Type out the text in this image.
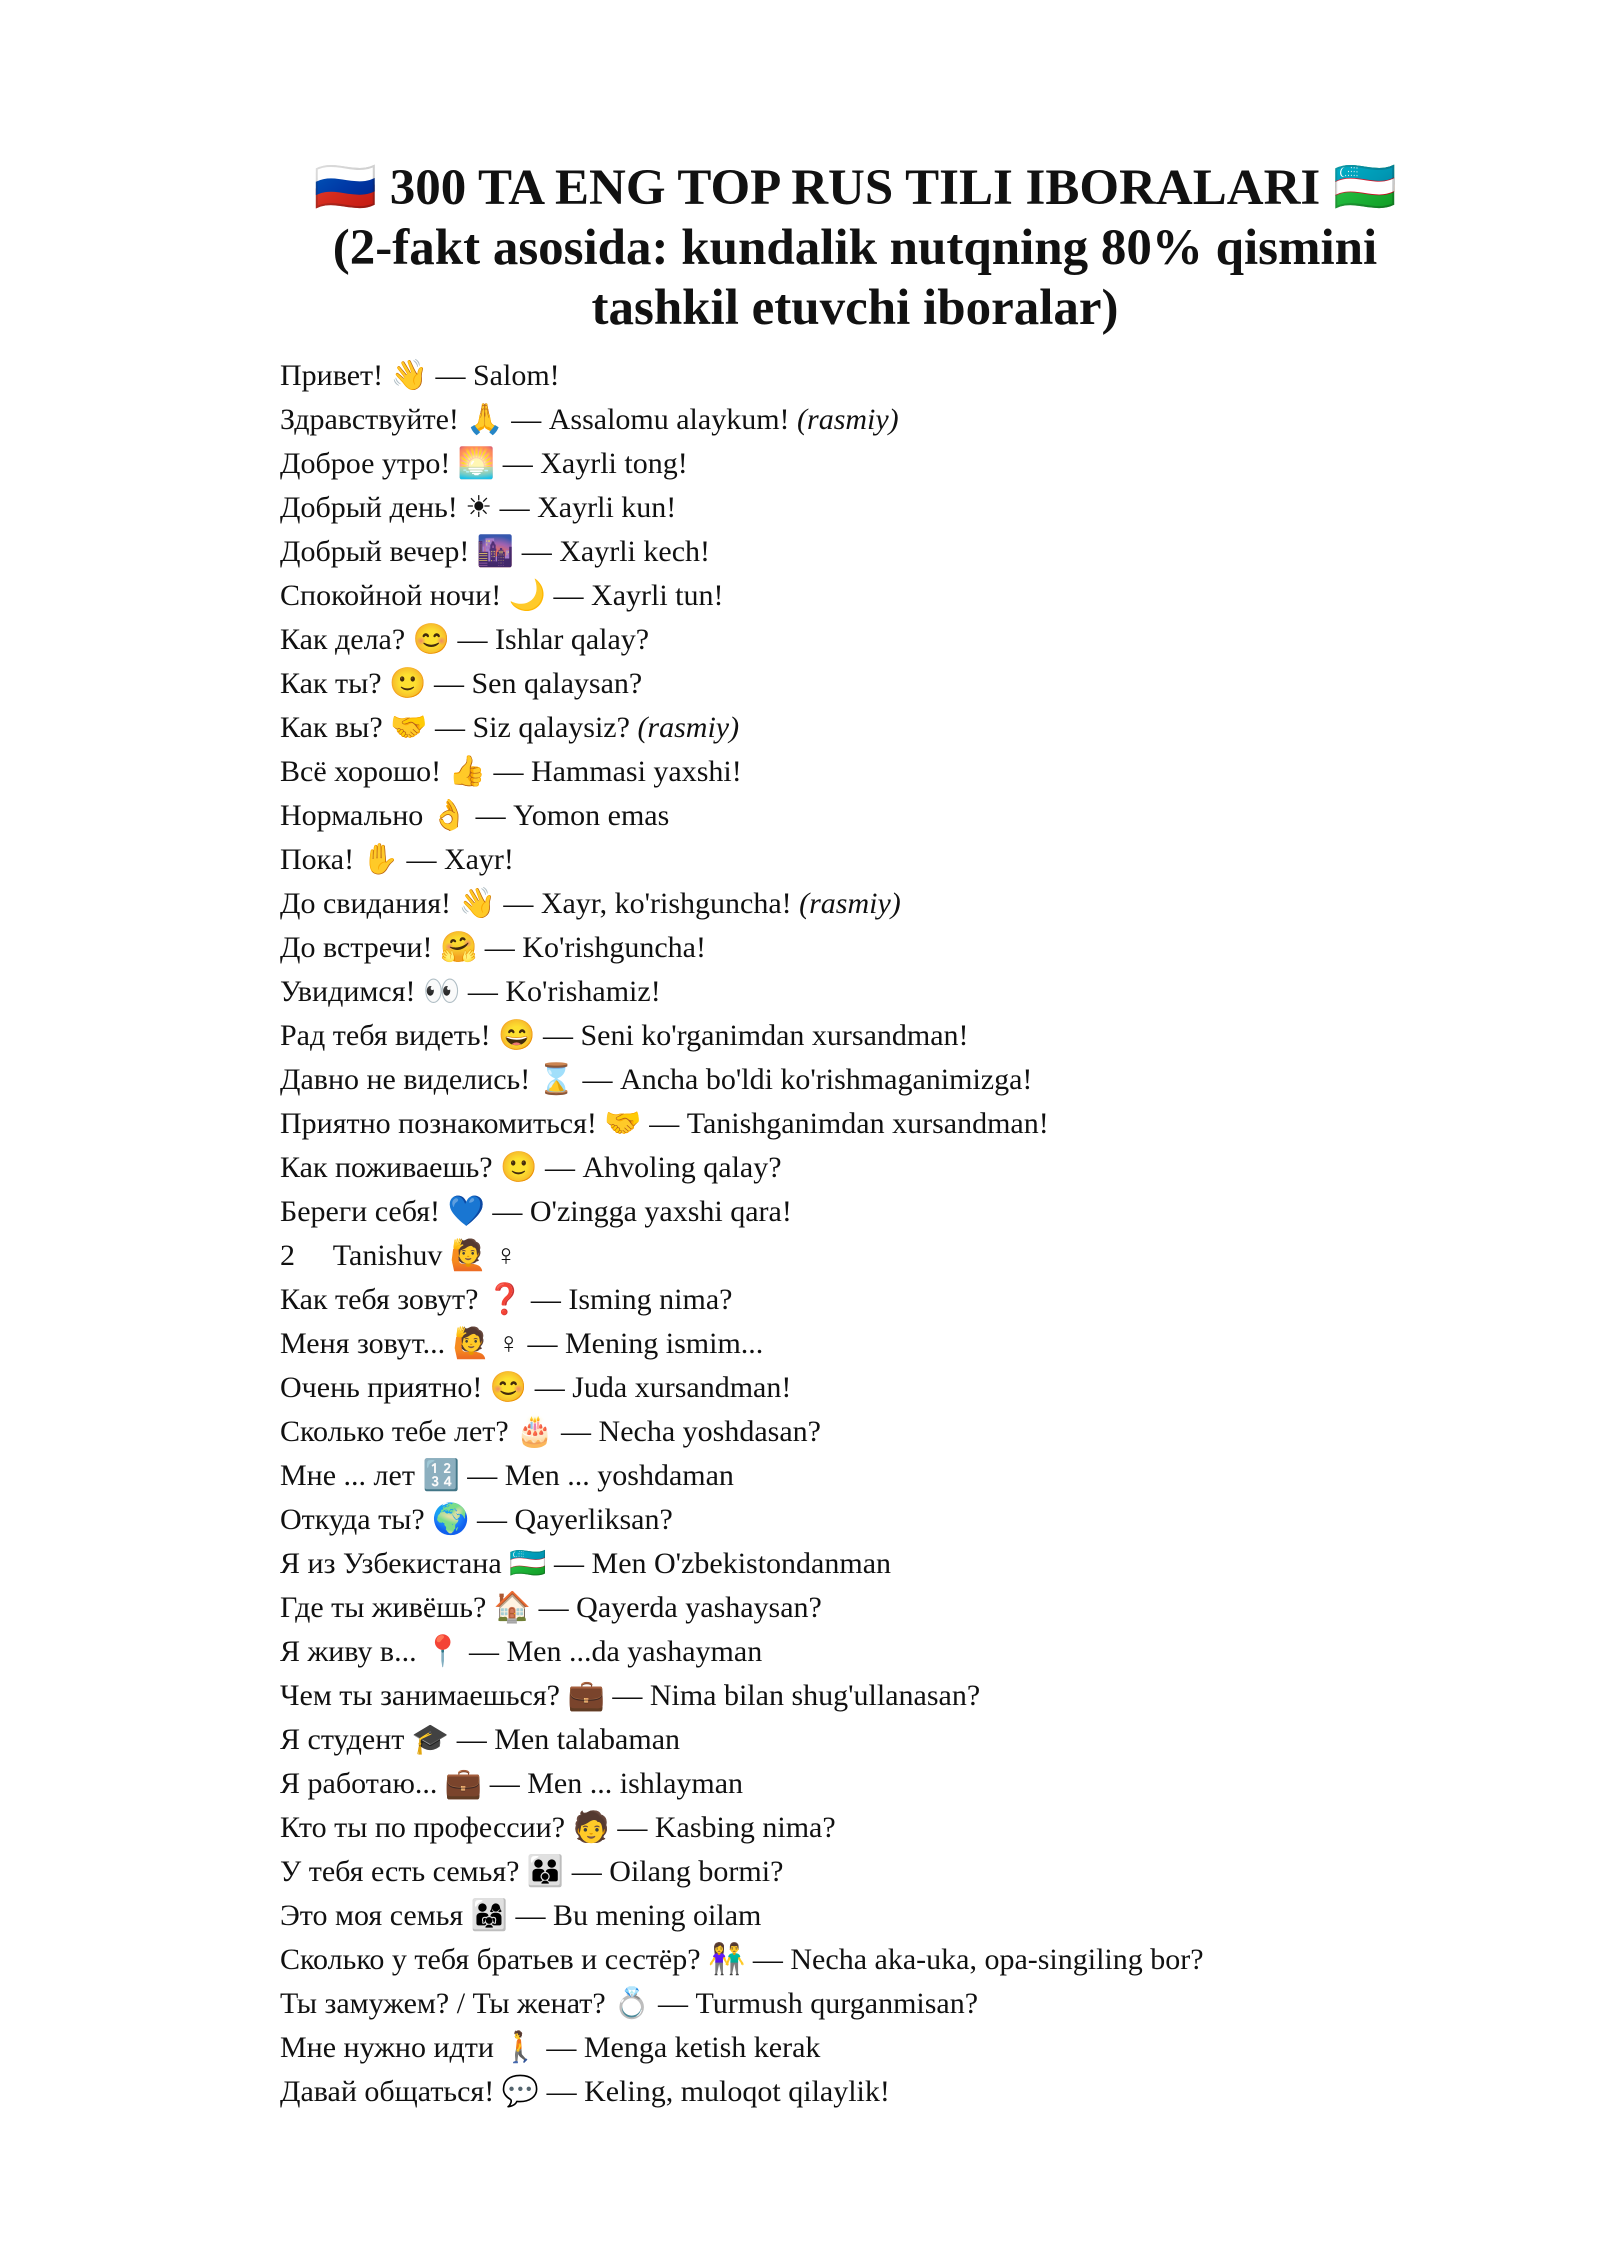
🇷🇺 300 TA ENG TOP RUS TILI IBORALARI 🇺🇿
(2-fakt asosida: kundalik nutqning 80% qismini
tashkil etuvchi iboralar)
Привет! 👋 — Salom!
Здравствуйте! 🙏 — Assalomu alaykum! (rasmiy)
Доброе утро! 🌅 — Xayrli tong!
Добрый день! ☀ — Xayrli kun!
Добрый вечер! 🌆 — Xayrli kech!
Спокойной ночи! 🌙 — Xayrli tun!
Как дела? 😊 — Ishlar qalay?
Как ты? 🙂 — Sen qalaysan?
Как вы? 🤝 — Siz qalaysiz? (rasmiy)
Всё хорошо! 👍 — Hammasi yaxshi!
Нормально 👌 — Yomon emas
Пока! ✋ — Xayr!
До свидания! 👋 — Xayr, ko'rishguncha! (rasmiy)
До встречи! 🤗 — Ko'rishguncha!
Увидимся! 👀 — Ko'rishamiz!
Рад тебя видеть! 😄 — Seni ko'rganimdan xursandman!
Давно не виделись! ⌛ — Ancha bo'ldi ko'rishmaganimizga!
Приятно познакомиться! 🤝 — Tanishganimdan xursandman!
Как поживаешь? 🙂 — Ahvoling qalay?
Береги себя! 💙 — O'zingga yaxshi qara!
2 ⃣ Tanishuv 🙋 ♀
Как тебя зовут? ❓ — Isming nima?
Меня зовут... 🙋 ♀ — Mening ismim...
Очень приятно! 😊 — Juda xursandman!
Сколько тебе лет? 🎂 — Necha yoshdasan?
Мне ... лет 🔢 — Men ... yoshdaman
Откуда ты? 🌍 — Qayerliksan?
Я из Узбекистана 🇺🇿 — Men O'zbekistondanman
Где ты живёшь? 🏠 — Qayerda yashaysan?
Я живу в... 📍 — Men ...da yashayman
Чем ты занимаешься? 💼 — Nima bilan shug'ullanasan?
Я студент 🎓 — Men talabaman
Я работаю... 💼 — Men ... ishlayman
Кто ты по профессии? 🧑 — Kasbing nima?
У тебя есть семья? 👪 — Oilang bormi?
Это моя семья 👨‍👩‍👧 — Bu mening oilam
Сколько у тебя братьев и сестёр? 👫 — Necha aka-uka, opa-singiling bor?
Ты замужем? / Ты женат? 💍 — Turmush qurganmisan?
Мне нужно идти 🚶 — Menga ketish kerak
Давай общаться! 💬 — Keling, muloqot qilaylik!
